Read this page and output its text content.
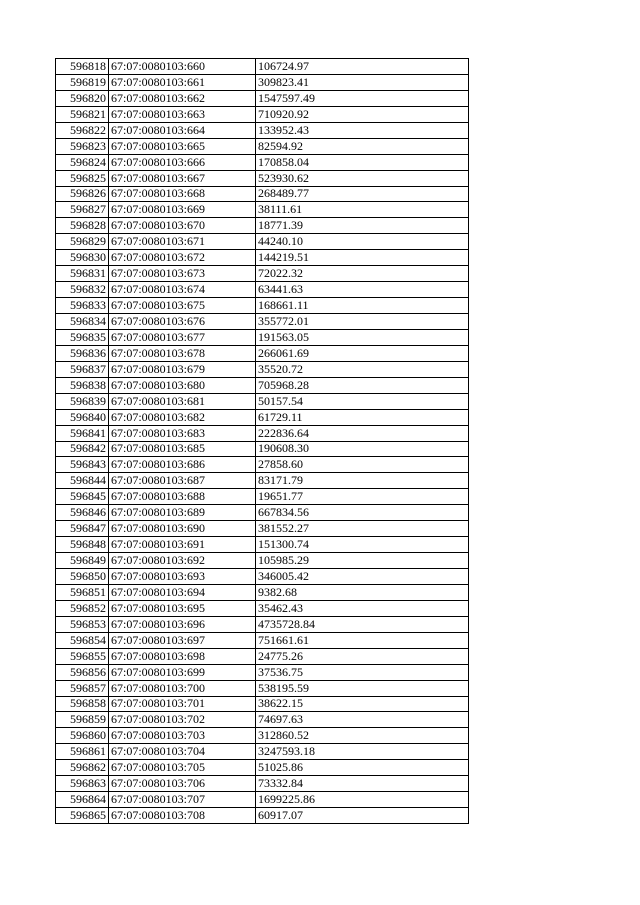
596818	67:07:0080103:660	106724.97
596819	67:07:0080103:661	309823.41
596820	67:07:0080103:662	1547597.49
596821	67:07:0080103:663	710920.92
596822	67:07:0080103:664	133952.43
596823	67:07:0080103:665	82594.92
596824	67:07:0080103:666	170858.04
596825	67:07:0080103:667	523930.62
596826	67:07:0080103:668	268489.77
596827	67:07:0080103:669	38111.61
596828	67:07:0080103:670	18771.39
596829	67:07:0080103:671	44240.10
596830	67:07:0080103:672	144219.51
596831	67:07:0080103:673	72022.32
596832	67:07:0080103:674	63441.63
596833	67:07:0080103:675	168661.11
596834	67:07:0080103:676	355772.01
596835	67:07:0080103:677	191563.05
596836	67:07:0080103:678	266061.69
596837	67:07:0080103:679	35520.72
596838	67:07:0080103:680	705968.28
596839	67:07:0080103:681	50157.54
596840	67:07:0080103:682	61729.11
596841	67:07:0080103:683	222836.64
596842	67:07:0080103:685	190608.30
596843	67:07:0080103:686	27858.60
596844	67:07:0080103:687	83171.79
596845	67:07:0080103:688	19651.77
596846	67:07:0080103:689	667834.56
596847	67:07:0080103:690	381552.27
596848	67:07:0080103:691	151300.74
596849	67:07:0080103:692	105985.29
596850	67:07:0080103:693	346005.42
596851	67:07:0080103:694	9382.68
596852	67:07:0080103:695	35462.43
596853	67:07:0080103:696	4735728.84
596854	67:07:0080103:697	751661.61
596855	67:07:0080103:698	24775.26
596856	67:07:0080103:699	37536.75
596857	67:07:0080103:700	538195.59
596858	67:07:0080103:701	38622.15
596859	67:07:0080103:702	74697.63
596860	67:07:0080103:703	312860.52
596861	67:07:0080103:704	3247593.18
596862	67:07:0080103:705	51025.86
596863	67:07:0080103:706	73332.84
596864	67:07:0080103:707	1699225.86
596865	67:07:0080103:708	60917.07
